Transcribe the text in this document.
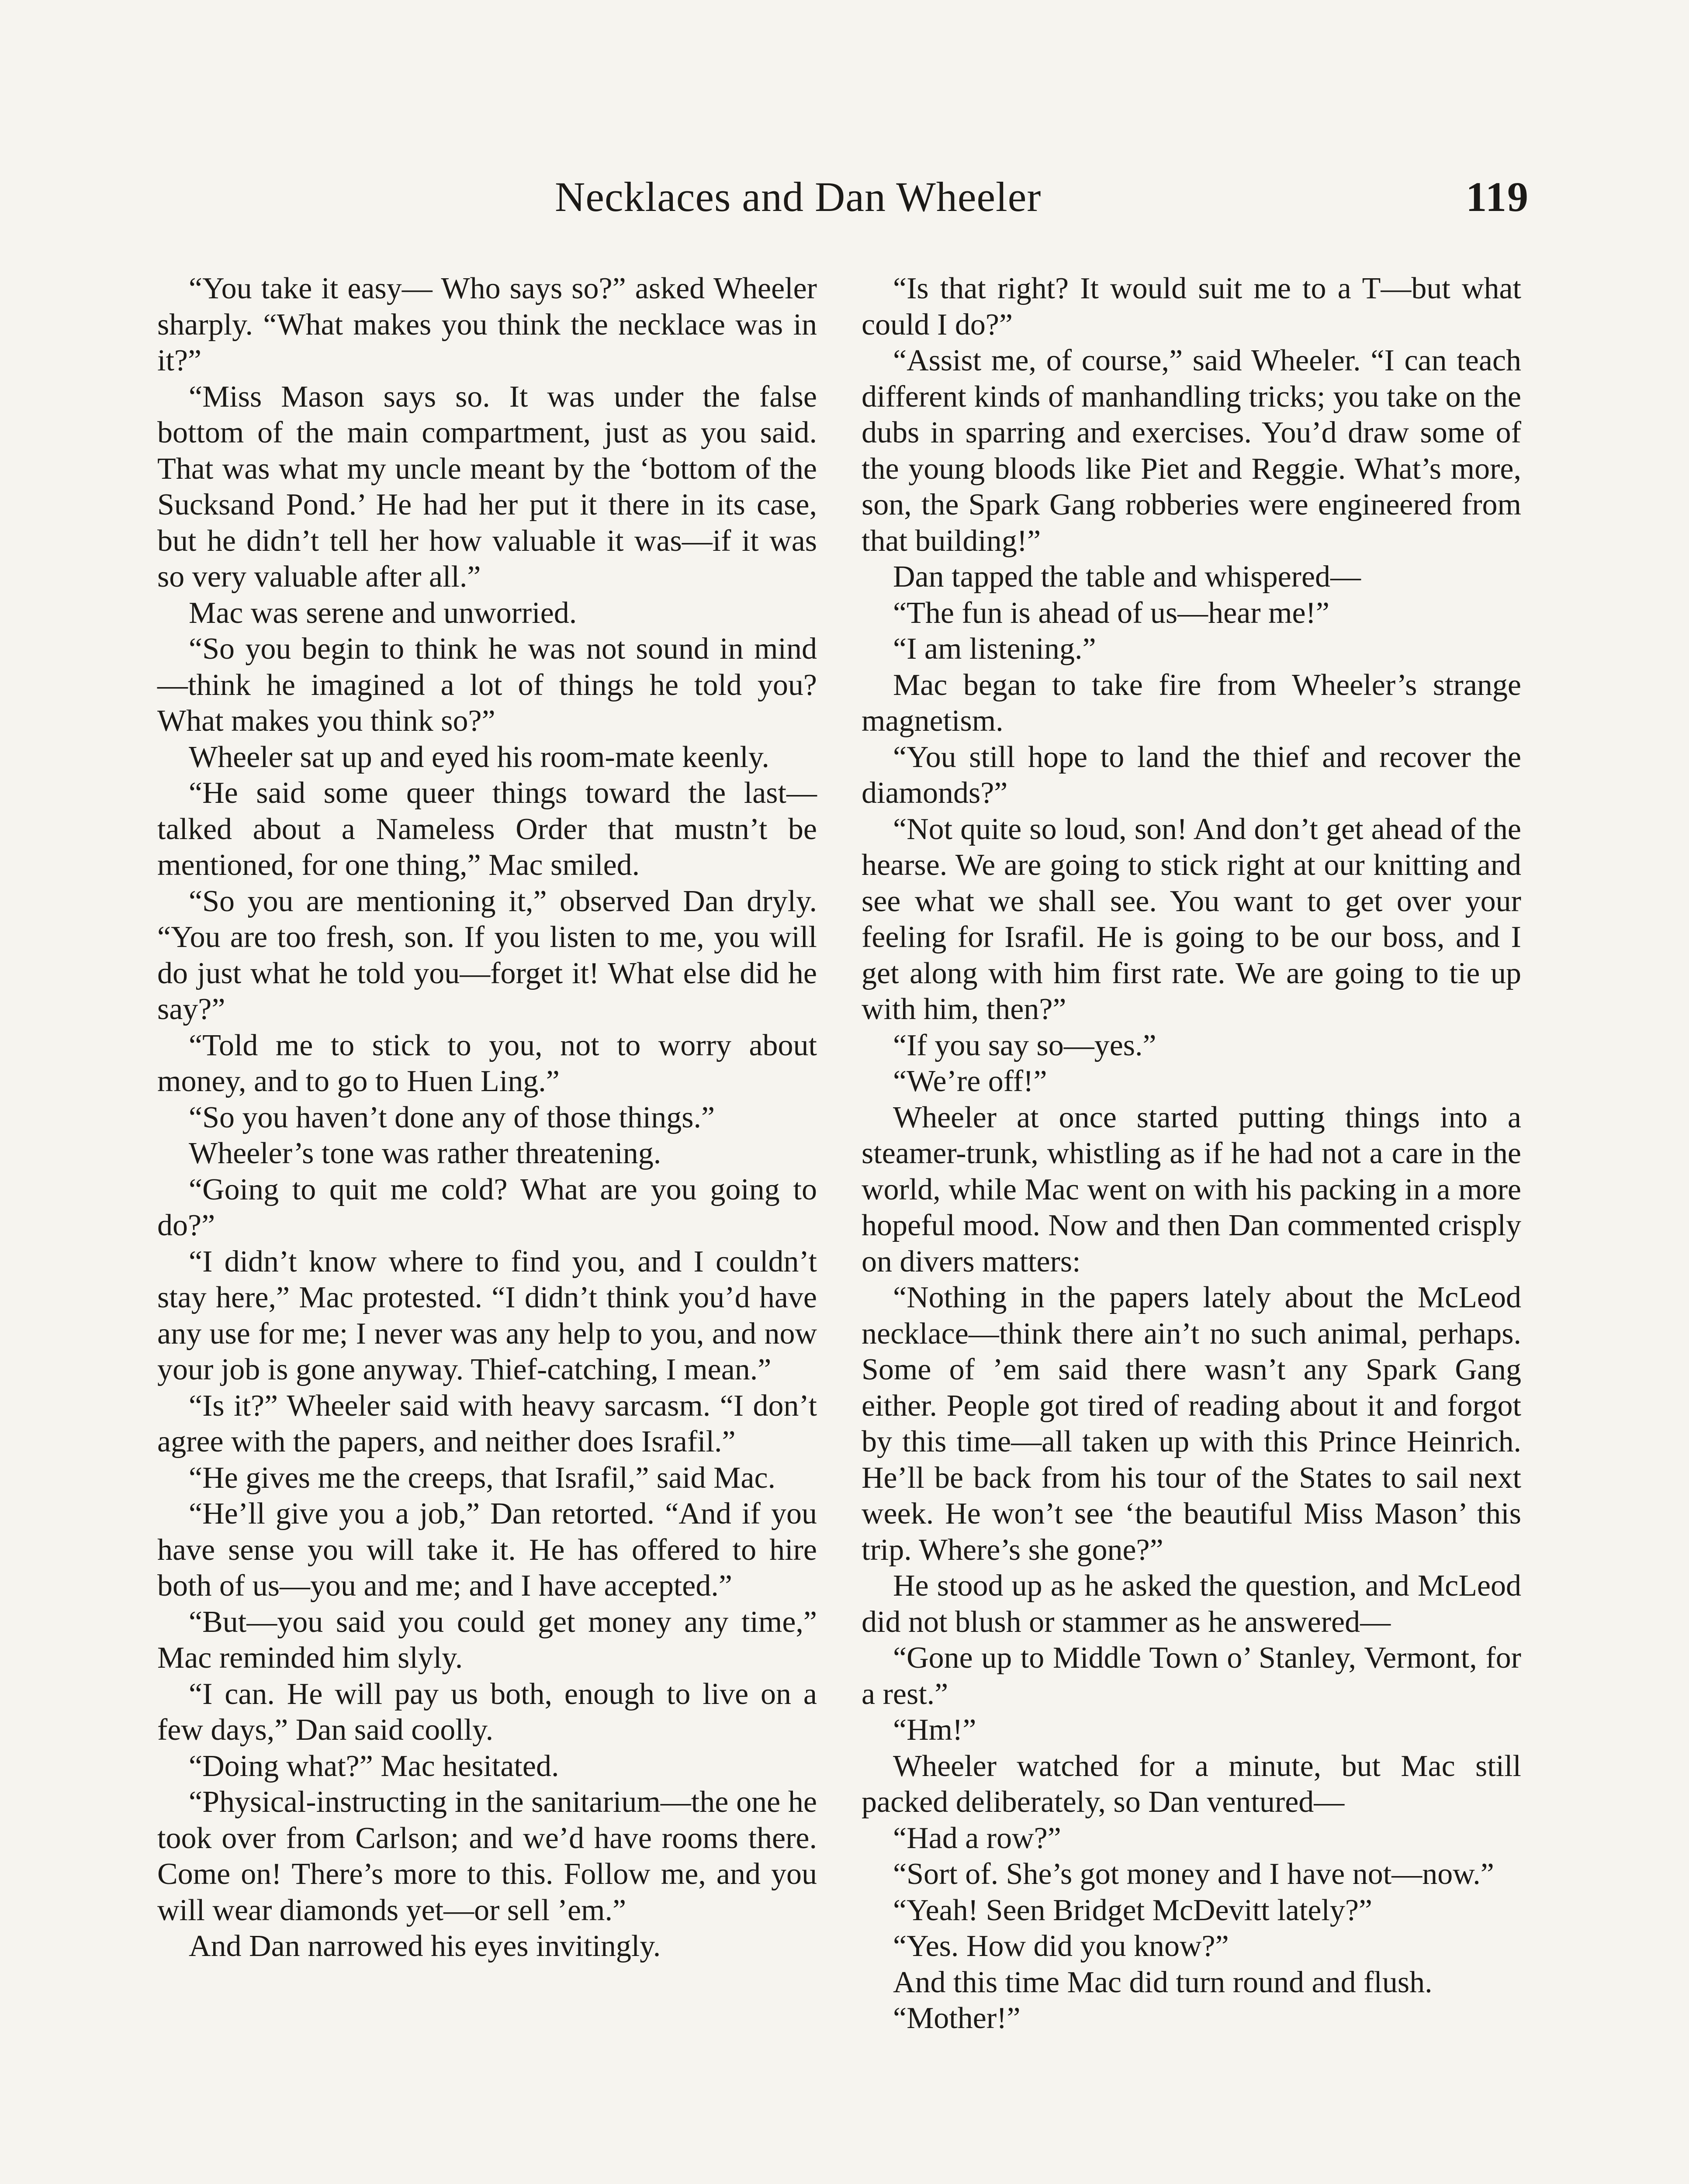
Necklaces and Dan Wheeler	119

“You take it easy— Who says so?” asked Wheeler sharply. “What makes you think the necklace was in it?”

“Miss Mason says so. It was under the false bottom of the main compartment, just as you said. That was what my uncle meant by the ‘bottom of the Sucksand Pond.’ He had her put it there in its case, but he didn’t tell her how valuable it was—if it was so very valuable after all.”

Mac was serene and unworried.

“So you begin to think he was not sound in mind—think he imagined a lot of things he told you? What makes you think so?”

Wheeler sat up and eyed his room-mate keenly.

“He said some queer things toward the last—talked about a Nameless Order that mustn’t be mentioned, for one thing,” Mac smiled.

“So you are mentioning it,” observed Dan dryly. “You are too fresh, son. If you listen to me, you will do just what he told you—forget it! What else did he say?”

“Told me to stick to you, not to worry about money, and to go to Huen Ling.”

“So you haven’t done any of those things.”

Wheeler’s tone was rather threatening.

“Going to quit me cold? What are you going to do?”

“I didn’t know where to find you, and I couldn’t stay here,” Mac protested. “I didn’t think you’d have any use for me; I never was any help to you, and now your job is gone anyway. Thief-catching, I mean.”

“Is it?” Wheeler said with heavy sarcasm. “I don’t agree with the papers, and neither does Israfil.”

“He gives me the creeps, that Israfil,” said Mac.

“He’ll give you a job,” Dan retorted. “And if you have sense you will take it. He has offered to hire both of us—you and me; and I have accepted.”

“But—you said you could get money any time,” Mac reminded him slyly.

“I can. He will pay us both, enough to live on a few days,” Dan said coolly.

“Doing what?” Mac hesitated.

“Physical-instructing in the sanitarium—the one he took over from Carlson; and we’d have rooms there. Come on! There’s more to this. Follow me, and you will wear diamonds yet—or sell ’em.”

And Dan narrowed his eyes invitingly.

“Is that right? It would suit me to a T—but what could I do?”

“Assist me, of course,” said Wheeler. “I can teach different kinds of manhandling tricks; you take on the dubs in sparring and exercises. You’d draw some of the young bloods like Piet and Reggie. What’s more, son, the Spark Gang robberies were engineered from that building!”

Dan tapped the table and whispered—

“The fun is ahead of us—hear me!”

“I am listening.”

Mac began to take fire from Wheeler’s strange magnetism.

“You still hope to land the thief and recover the diamonds?”

“Not quite so loud, son! And don’t get ahead of the hearse. We are going to stick right at our knitting and see what we shall see. You want to get over your feeling for Israfil. He is going to be our boss, and I get along with him first rate. We are going to tie up with him, then?”

“If you say so—yes.”

“We’re off!”

Wheeler at once started putting things into a steamer-trunk, whistling as if he had not a care in the world, while Mac went on with his packing in a more hopeful mood. Now and then Dan commented crisply on divers matters:

“Nothing in the papers lately about the McLeod necklace—think there ain’t no such animal, perhaps. Some of ’em said there wasn’t any Spark Gang either. People got tired of reading about it and forgot by this time—all taken up with this Prince Heinrich. He’ll be back from his tour of the States to sail next week. He won’t see ‘the beautiful Miss Mason’ this trip. Where’s she gone?”

He stood up as he asked the question, and McLeod did not blush or stammer as he answered—

“Gone up to Middle Town o’ Stanley, Vermont, for a rest.”

“Hm!”

Wheeler watched for a minute, but Mac still packed deliberately, so Dan ventured—

“Had a row?”

“Sort of. She’s got money and I have not—now.”

“Yeah! Seen Bridget McDevitt lately?”

“Yes. How did you know?”

And this time Mac did turn round and flush.

“Mother!”
